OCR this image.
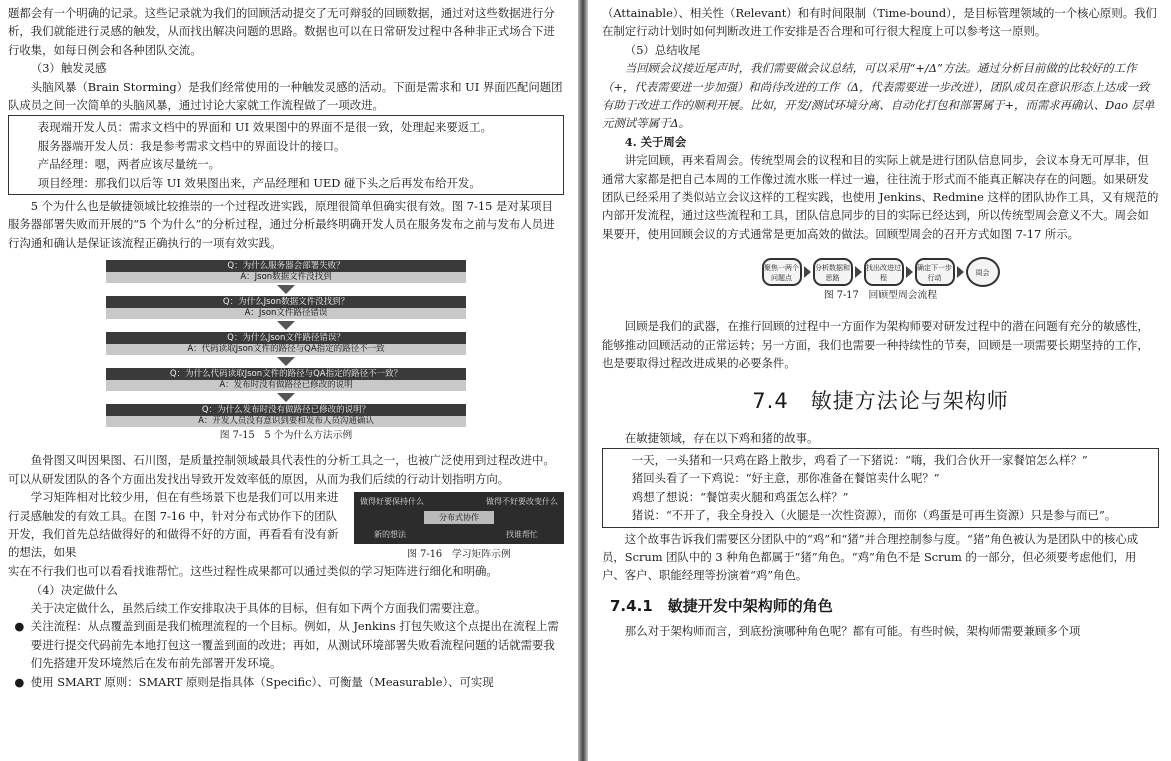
题都会有一个明确的记录。这些记录就为我们的回顾活动提交了无可辩驳的回顾数据，通过对这些数据进行分析，我们就能进行灵感的触发，从而找出解决问题的思路。数据也可以在日常研发过程中各种非正式场合下进行收集，如每日例会和各种团队交流。

（3）触发灵感

头脑风暴（Brain Storming）是我们经常使用的一种触发灵感的活动。下面是需求和 UI 界面匹配问题团队成员之间一次简单的头脑风暴，通过讨论大家就工作流程做了一项改进。

表现端开发人员：需求文档中的界面和 UI 效果图中的界面不是很一致，处理起来要返工。

服务器端开发人员：我是参考需求文档中的界面设计的接口。

产品经理：嗯，两者应该尽量统一。

项目经理：那我们以后等 UI 效果图出来，产品经理和 UED 碰下头之后再发布给开发。

5 个为什么也是敏捷领域比较推崇的一个过程改进实践，原理很简单但确实很有效。图 7-15 是对某项目服务器部署失败而开展的“5 个为什么”的分析过程，通过分析最终明确开发人员在服务发布之前与发布人员进行沟通和确认是保证该流程正确执行的一项有效实践。

Q：为什么服务器会部署失败？
A：Json数据文件没找到
Q：为什么Json数据文件没找到？
A：Json文件路径错误
Q：为什么Json文件路径错误？
A：代码读取Json文件的路径与QA指定的路径不一致
Q：为什么代码读取Json文件的路径与QA指定的路径不一致？
A：发布时没有做路径已修改的说明
Q：为什么发布时没有做路径已修改的说明？
A：开发人员没有意识到要和发布人员沟通确认
图 7-15　5 个为什么方法示例

鱼骨图又叫因果图、石川图，是质量控制领域最具代表性的分析工具之一，也被广泛使用到过程改进中。可以从研发团队的各个方面出发找出导致开发效率低的原因，从而为我们后续的行动计划指明方向。

学习矩阵相对比较少用，但在有些场景下也是我们可以用来进行灵感触发的有效工具。在图 7-16 中，针对分布式协作下的团队开发，我们首先总结做得好的和做得不好的方面，再看看有没有新的想法，如果

做得好要保持什么	做得不好要改变什么
分布式协作
新的想法	找谁帮忙
图 7-16　学习矩阵示例

实在不行我们也可以看看找谁帮忙。这些过程性成果都可以通过类似的学习矩阵进行细化和明确。

（4）决定做什么

关于决定做什么，虽然后续工作安排取决于具体的目标，但有如下两个方面我们需要注意。

● 关注流程：从点覆盖到面是我们梳理流程的一个目标。例如，从 Jenkins 打包失败这个点提出在流程上需要进行提交代码前先本地打包这一覆盖到面的改进；再如，从测试环境部署失败看流程问题的话就需要我们先搭建开发环境然后在发布前先部署开发环境。

● 使用 SMART 原则：SMART 原则是指具体（Specific）、可衡量（Measurable）、可实现

（Attainable）、相关性（Relevant）和有时间限制（Time-bound），是目标管理领域的一个核心原则。我们在制定行动计划时如何判断改进工作安排是否合理和可行很大程度上可以参考这一原则。

（5）总结收尾

当回顾会议接近尾声时，我们需要做会议总结，可以采用“+/Δ”方法。通过分析目前做的比较好的工作（+，代表需要进一步加强）和尚待改进的工作（Δ，代表需要进一步改进），团队成员在意识形态上达成一致有助于改进工作的顺利开展。比如，开发/测试环境分离、自动化打包和部署属于+，而需求再确认、Dao 层单元测试等属于Δ。

4. 关于周会

讲完回顾，再来看周会。传统型周会的议程和目的实际上就是进行团队信息同步，会议本身无可厚非，但通常大家都是把自己本周的工作像过流水账一样过一遍，往往流于形式而不能真正解决存在的问题。如果研发团队已经采用了类似站立会议这样的工程实践，也使用 Jenkins、Redmine 这样的团队协作工具，又有规范的内部开发流程，通过这些流程和工具，团队信息同步的目的实际已经达到，所以传统型周会意义不大。周会如果要开，使用回顾会议的方式通常是更加高效的做法。回顾型周会的召开方式如图 7-17 所示。

聚焦一两个问题点
分析数据和思路
找出改进过程
确定下一步行动
周会
图 7-17　回顾型周会流程

回顾是我们的武器，在推行回顾的过程中一方面作为架构师要对研发过程中的潜在问题有充分的敏感性，能够推动回顾活动的正常运转；另一方面，我们也需要一种持续性的节奏，回顾是一项需要长期坚持的工作，也是要取得过程改进成果的必要条件。

7.4　敏捷方法论与架构师

在敏捷领域，存在以下鸡和猪的故事。

一天，一头猪和一只鸡在路上散步，鸡看了一下猪说：“嗨，我们合伙开一家餐馆怎么样？”

猪回头看了一下鸡说：“好主意，那你准备在餐馆卖什么呢？”

鸡想了想说：“餐馆卖火腿和鸡蛋怎么样？”

猪说：“不开了，我全身投入（火腿是一次性资源），而你（鸡蛋是可再生资源）只是参与而已”。

这个故事告诉我们需要区分团队中的“鸡”和“猪”并合理控制参与度。“猪”角色被认为是团队中的核心成员，Scrum 团队中的 3 种角色都属于“猪”角色。“鸡”角色不是 Scrum 的一部分，但必须要考虑他们，用户、客户、职能经理等扮演着“鸡”角色。

7.4.1　敏捷开发中架构师的角色

那么对于架构师而言，到底扮演哪种角色呢？都有可能。有些时候，架构师需要兼顾多个项
